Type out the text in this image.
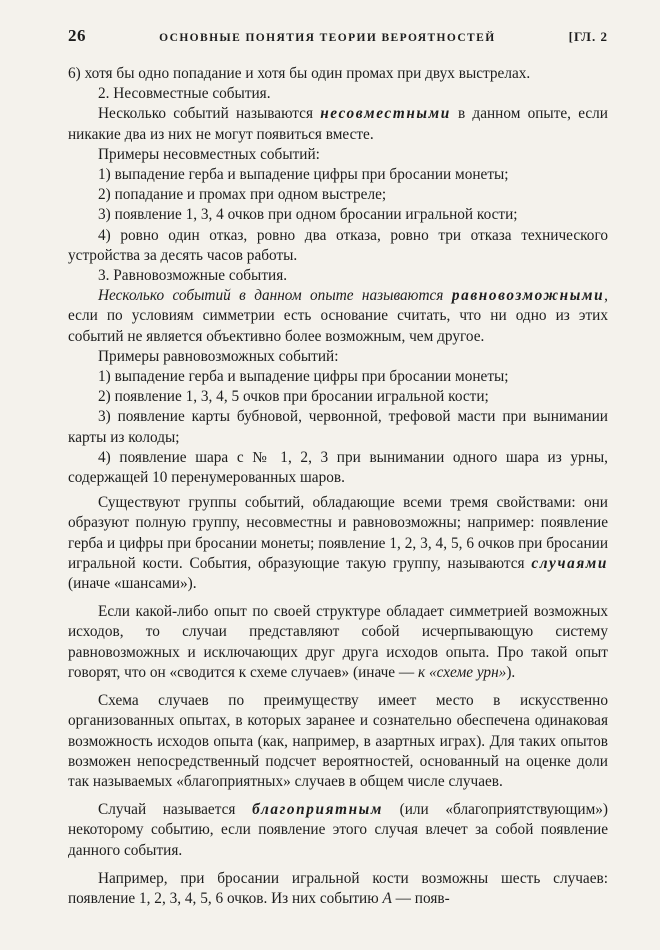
26	ОСНОВНЫЕ ПОНЯТИЯ ТЕОРИИ ВЕРОЯТНОСТЕЙ	[ГЛ. 2

6) хотя бы одно попадание и хотя бы один промах при двух выстрелах.

2. Несовместные события.

Несколько событий называются несовместными в данном опыте, если никакие два из них не могут появиться вместе.

Примеры несовместных событий:

1) выпадение герба и выпадение цифры при бросании монеты;

2) попадание и промах при одном выстреле;

3) появление 1, 3, 4 очков при одном бросании игральной кости;

4) ровно один отказ, ровно два отказа, ровно три отказа технического устройства за десять часов работы.

3. Равновозможные события.

Несколько событий в данном опыте называются равновозможными, если по условиям симметрии есть основание считать, что ни одно из этих событий не является объективно более возможным, чем другое.

Примеры равновозможных событий:

1) выпадение герба и выпадение цифры при бросании монеты;

2) появление 1, 3, 4, 5 очков при бросании игральной кости;

3) появление карты бубновой, червонной, трефовой масти при вынимании карты из колоды;

4) появление шара с № 1, 2, 3 при вынимании одного шара из урны, содержащей 10 перенумерованных шаров.

Существуют группы событий, обладающие всеми тремя свойствами: они образуют полную группу, несовместны и равновозможны; например: появление герба и цифры при бросании монеты; появление 1, 2, 3, 4, 5, 6 очков при бросании игральной кости. События, образующие такую группу, называются случаями (иначе «шансами»).

Если какой-либо опыт по своей структуре обладает симметрией возможных исходов, то случаи представляют собой исчерпывающую систему равновозможных и исключающих друг друга исходов опыта. Про такой опыт говорят, что он «сводится к схеме случаев» (иначе — к «схеме урн»).

Схема случаев по преимуществу имеет место в искусственно организованных опытах, в которых заранее и сознательно обеспечена одинаковая возможность исходов опыта (как, например, в азартных играх). Для таких опытов возможен непосредственный подсчет вероятностей, основанный на оценке доли так называемых «благоприятных» случаев в общем числе случаев.

Случай называется благоприятным (или «благоприятствующим») некоторому событию, если появление этого случая влечет за собой появление данного события.

Например, при бросании игральной кости возможны шесть случаев: появление 1, 2, 3, 4, 5, 6 очков. Из них событию A — появ-
